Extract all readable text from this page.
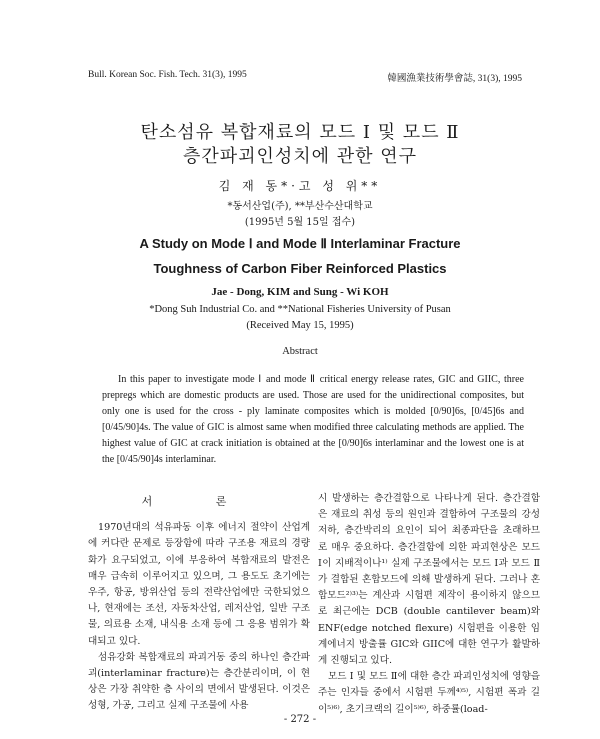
Bull. Korean Soc. Fish. Tech. 31(3), 1995	韓國漁業技術學會誌, 31(3), 1995
탄소섬유 복합재료의 모드 Ⅰ 및 모드 Ⅱ
층간파괴인성치에 관한 연구
김 재 동*·고 성 위**
*동서산업(주), **부산수산대학교
(1995년 5월 15일 접수)
A Study on Mode Ⅰ and Mode Ⅱ Interlaminar Fracture
Toughness of Carbon Fiber Reinforced Plastics
Jae - Dong, KIM and Sung - Wi KOH
*Dong Suh Industrial Co. and **National Fisheries University of Pusan
(Received May 15, 1995)
Abstract
In this paper to investigate mode Ⅰ and mode Ⅱ critical energy release rates, GIC and GIIC, three prepregs which are domestic products are used. Those are used for the unidirectional composites, but only one is used for the cross - ply laminate composites which is molded [0/90]6s, [0/45]6s and [0/45/90]4s. The value of GIC is almost same when modified three calculating methods are applied. The highest value of GIC at crack initiation is obtained at the [0/90]6s interlaminar and the lowest one is at the [0/45/90]4s interlaminar.
서 론

1970년대의 석유파동 이후 에너지 절약이 산업계에 커다란 문제로 등장함에 따라 구조용 재료의 경량화가 요구되었고, 이에 부응하여 복합재료의 발전은 매우 급속히 이루어지고 있으며, 그 용도도 초기에는 우주, 항공, 방위산업 등의 전략산업에만 국한되었으나, 현재에는 조선, 자동차산업, 레저산업, 일반 구조물, 의료용 소재, 내식용 소재 등에 그 응용 범위가 확대되고 있다.

섬유강화 복합재료의 파괴거동 중의 하나인 층간파괴(interlaminar fracture)는 층간분리이며, 이 현상은 가장 취약한 층 사이의 면에서 발생된다. 이것은 성형, 가공, 그리고 실제 구조물에 사용

시 발생하는 층간결함으로 나타나게 된다. 층간결함은 재료의 취성 등의 원인과 결합하여 구조물의 강성저하, 층간박리의 요인이 되어 최종파단을 초래하므로 매우 중요하다. 층간결함에 의한 파괴현상은 모드 Ⅰ이 지배적이나¹⁾ 실제 구조물에서는 모드 Ⅰ과 모드 Ⅱ가 결합된 혼합모드에 의해 발생하게 된다. 그러나 혼합모드²⁾³⁾는 계산과 시험편 제작이 용이하지 않으므로 최근에는 DCB (double cantilever beam)와 ENF(edge notched flexure) 시험편을 이용한 임계에너지 방출률 GIC와 GIIC에 대한 연구가 활발하게 진행되고 있다.

모드 Ⅰ 및 모드 Ⅱ에 대한 층간 파괴인성치에 영향을 주는 인자들 중에서 시험편 두께⁴⁾⁵⁾, 시험편 폭과 길이⁵⁾⁶⁾, 초기크랙의 길이⁵⁾⁶⁾, 하중률(load-

- 272 -
